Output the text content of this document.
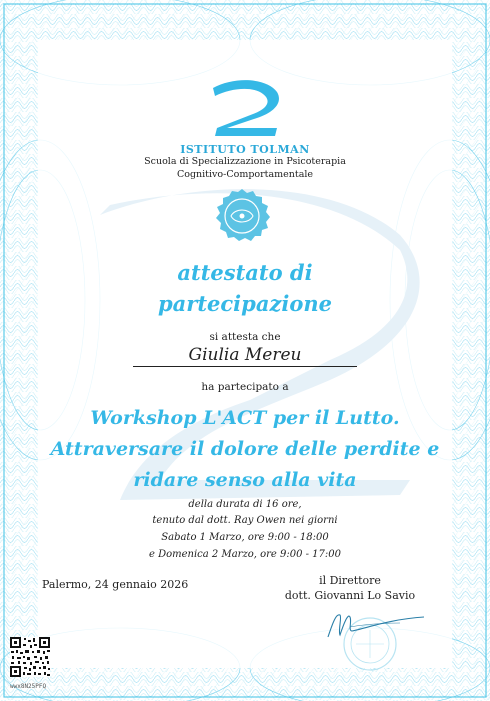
ISTITUTO TOLMAN
Scuola di Specializzazione in Psicoterapia
Cognitivo-Comportamentale
attestato di
partecipazione
si attesta che
Giulia Mereu
ha partecipato a
Workshop L'ACT per il Lutto.
Attraversare il dolore delle perdite e
ridare senso alla vita
della durata di 16 ore,
tenuto dal dott. Ray Owen nei giorni
Sabato 1 Marzo, ore 9:00 - 18:00
e Domenica 2 Marzo, ore 9:00 - 17:00
Palermo, 24 gennaio 2026	il Direttore
dott. Giovanni Lo Savio
wwx8N25PFQ
